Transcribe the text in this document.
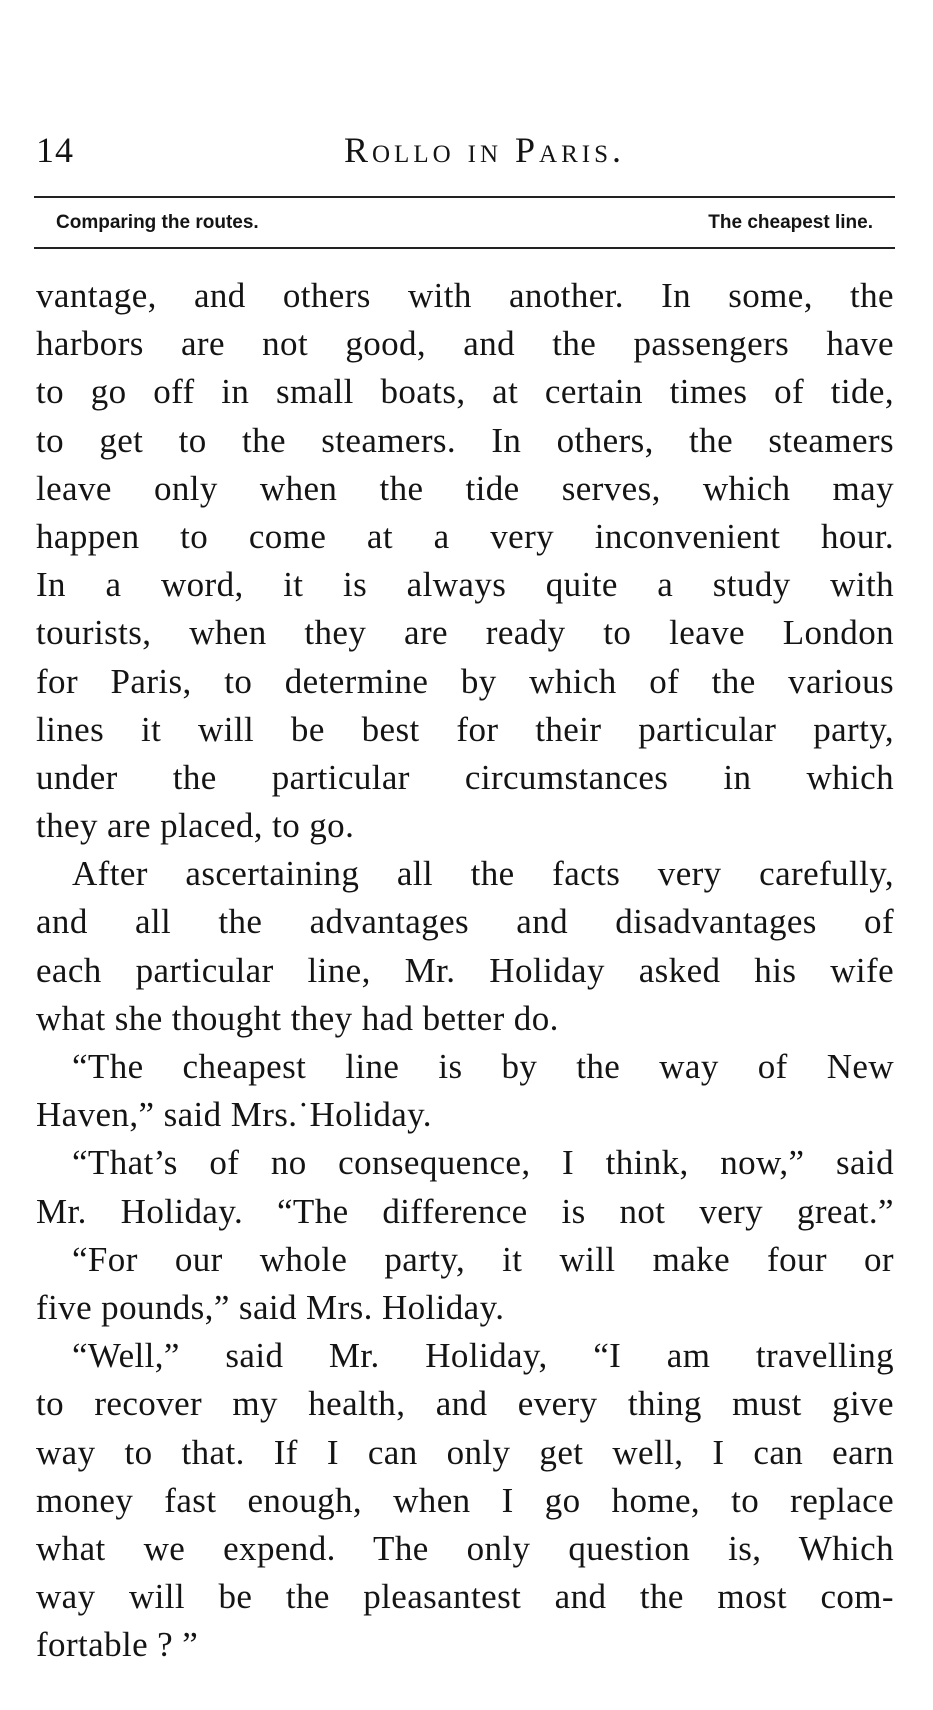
14	Rollo in Paris.
Comparing the routes.	The cheapest line.
vantage, and others with another. In some, the
harbors are not good, and the passengers have
to go off in small boats, at certain times of tide,
to get to the steamers. In others, the steamers
leave only when the tide serves, which may
happen to come at a very inconvenient hour.
In a word, it is always quite a study with
tourists, when they are ready to leave London
for Paris, to determine by which of the various
lines it will be best for their particular party,
under the particular circumstances in which
they are placed, to go.
After ascertaining all the facts very carefully,
and all the advantages and disadvantages of
each particular line, Mr. Holiday asked his wife
what she thought they had better do.
“The cheapest line is by the way of New
Haven,” said Mrs.˙Holiday.
“That’s of no consequence, I think, now,” said
Mr. Holiday. “The difference is not very great.”
“For our whole party, it will make four or
five pounds,” said Mrs. Holiday.
“Well,” said Mr. Holiday, “I am travelling
to recover my health, and every thing must give
way to that. If I can only get well, I can earn
money fast enough, when I go home, to replace
what we expend. The only question is, Which
way will be the pleasantest and the most com-
fortable ? ”
